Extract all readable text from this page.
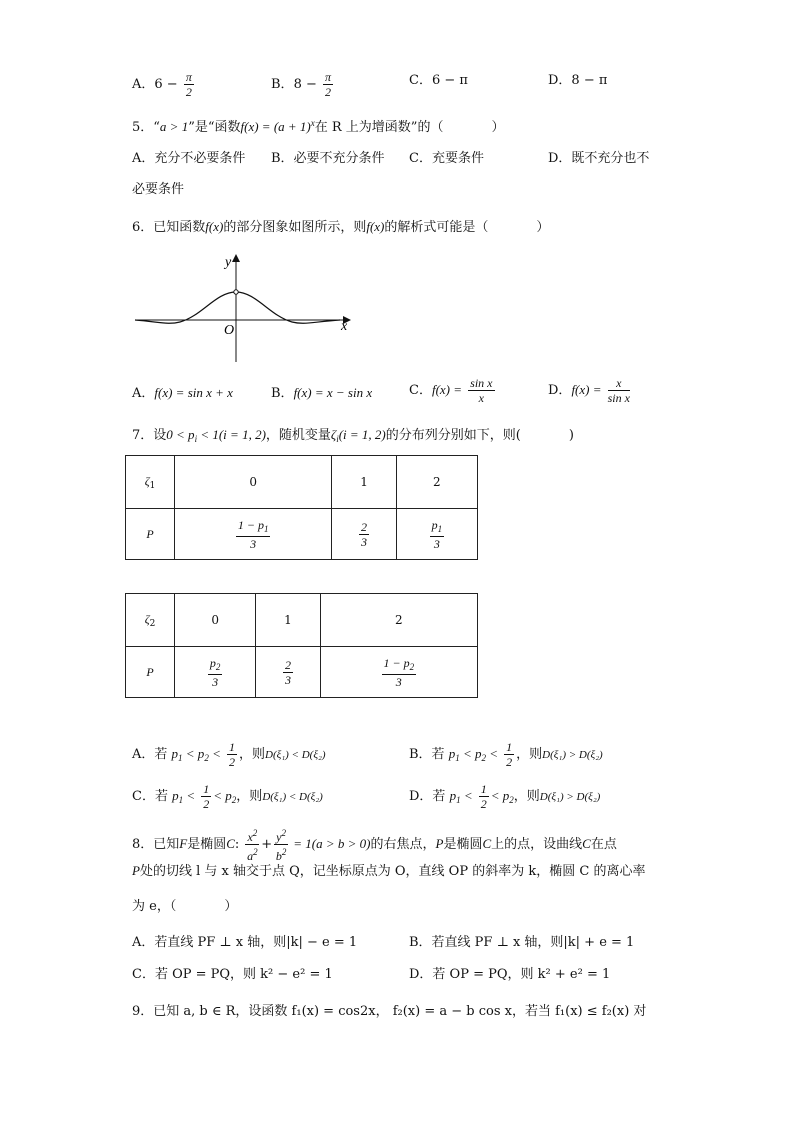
A．$6 - \frac{\pi}{2}$	B．$8 - \frac{\pi}{2}$	C．6 − π	D．8 − π
5．“a > 1”是“函数$f(x) = (a + 1)^x$在 R 上为增函数”的（	）
A．充分不必要条件 B．必要不充分条件 C．充要条件	D．既不充分也不
必要条件
6．已知函数f(x)的部分图象如图所示，则f(x)的解析式可能是（	）
x
y
O
A．f(x) = sin x + x	B．f(x) = x − sin x	C．$f(x) = \frac{\text{sin x}}{x}$	D．$f(x) = \frac{x}{\text{sin x}}$
7．设$0 < p_i < 1(i = 1$, 2)，随机变量$\zeta_i(i = 1$, 2)的分布列分别如下，则(	)
$\zeta_1$	0	1	2
P	$\frac{1 - p_1}{3}$	$\frac{2}{3}$	$\frac{p_1}{3}$
$\zeta_2$	0	1	2
P	$\frac{p_2}{3}$	$\frac{2}{3}$	$\frac{1 - p_2}{3}$
A．若 $p_1 < p_2 < \frac{1}{2}$ ，则D(ξ₁) < D(ξ₂)	B．若 $p_1 < p_2 < \frac{1}{2}$ ，则D(ξ₁) > D(ξ₂)
C．若 $p_1 < \frac{1}{2} < p_2$，则D(ξ₁) < D(ξ₂)	D．若 $p_1 < \frac{1}{2} < p_2$，则D(ξ₁) > D(ξ₂)
8．已知F是椭圆C: $\frac{x^2}{a^2} + \frac{y^2}{b^2} = 1(a > b > 0)$的右焦点，P是椭圆C上的点，设曲线C在点
P处的切线 l 与 x 轴交于点 Q，记坐标原点为 O，直线 OP 的斜率为 k，椭圆 C 的离心率
为 e，（	）
A．若直线 PF ⊥ x 轴，则|k| − e = 1	B．若直线 PF ⊥ x 轴，则|k| + e = 1
C．若 OP = PQ，则 k² − e² = 1	D．若 OP = PQ，则 k² + e² = 1
9．已知 a, b ∈ R，设函数 f₁(x) = cos2x， f₂(x) = a − b cos x，若当 f₁(x) ≤ f₂(x) 对
